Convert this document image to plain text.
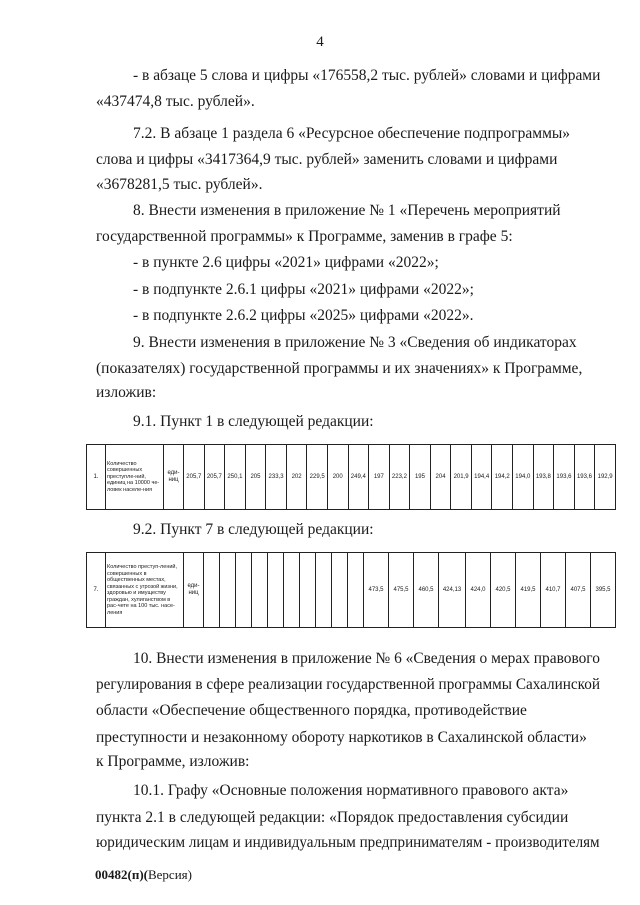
4
- в абзаце 5 слова и цифры «176558,2 тыс. рублей» словами и цифрами
«437474,8 тыс. рублей».
7.2. В абзаце 1 раздела 6 «Ресурсное обеспечение подпрограммы»
слова и цифры «3417364,9 тыс. рублей» заменить словами и цифрами
«3678281,5 тыс. рублей».
8. Внести изменения в приложение № 1 «Перечень мероприятий
государственной программы» к Программе, заменив в графе 5:
- в пункте 2.6 цифры «2021» цифрами «2022»;
- в подпункте 2.6.1 цифры «2021» цифрами «2022»;
- в подпункте 2.6.2 цифры «2025» цифрами «2022».
9. Внести изменения в приложение № 3 «Сведения об индикаторах
(показателях) государственной программы и их значениях» к Программе,
изложив:
9.1. Пункт 1 в следующей редакции:
1.	Количество совершенных преступле-ний, единиц на 10000 че-ловек населе-ния	еди-ниц	205,7	205,7	250,1	205	233,3	202	229,5	200	249,4	197	223,2	195	204	201,9	194,4	194,2	194,0	193,8	193,6	193,6	192,9
9.2. Пункт 7 в следующей редакции:
7.	Количество преступ-лений, совершенных в общественных местах, связанных с угрозой жизни, здоровью и имуществу граждан, хулиганством в рас-чете на 100 тыс. насе-ления	еди-ниц											473,5	475,5	460,5	424,13	424,0	420,5	419,5	410,7	407,5	395,5
10. Внести изменения в приложение № 6 «Сведения о мерах правового
регулирования в сфере реализации государственной программы Сахалинской
области «Обеспечение общественного порядка, противодействие
преступности и незаконному обороту наркотиков в Сахалинской области»
к Программе, изложив:
10.1. Графу «Основные положения нормативного правового акта»
пункта 2.1 в следующей редакции: «Порядок предоставления субсидии
юридическим лицам и индивидуальным предпринимателям - производителям
00482(п)(Версия)
